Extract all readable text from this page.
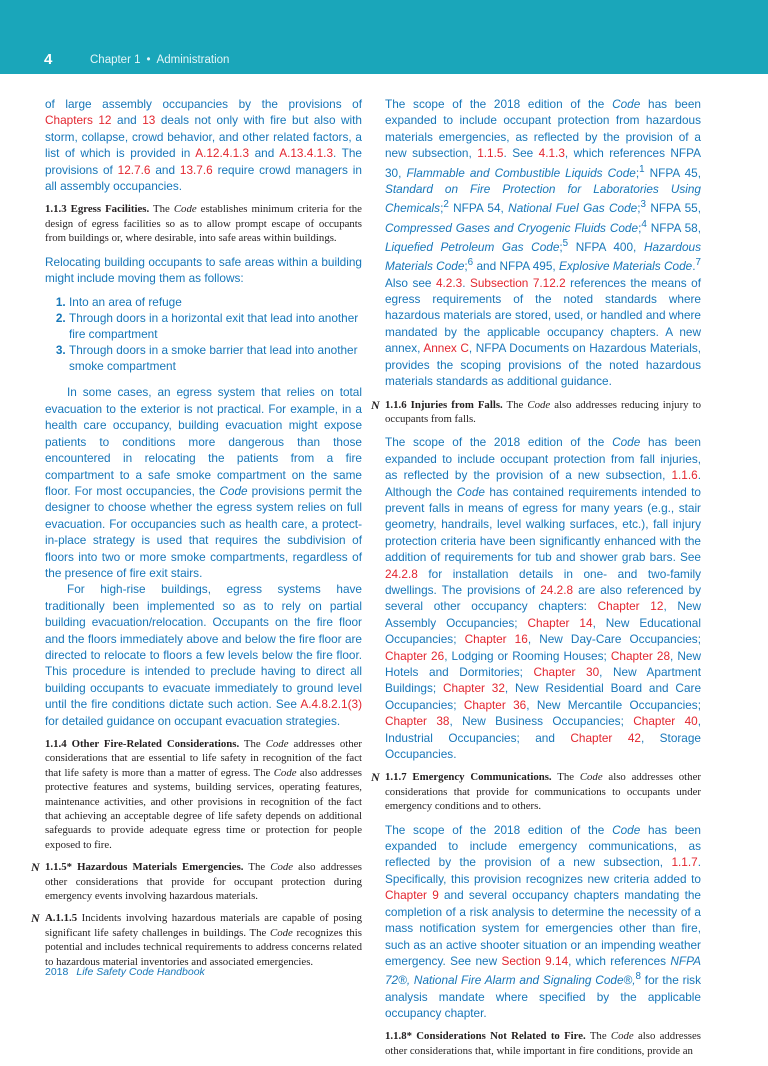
4	Chapter 1 • Administration

of large assembly occupancies by the provisions of Chapters 12 and 13 deals not only with fire but also with storm, collapse, crowd behavior, and other related factors, a list of which is provided in A.12.4.1.3 and A.13.4.1.3. The provisions of 12.7.6 and 13.7.6 require crowd managers in all assembly occupancies.

1.1.3 Egress Facilities. The Code establishes minimum criteria for the design of egress facilities so as to allow prompt escape of occupants from buildings or, where desirable, into safe areas within buildings.

Relocating building occupants to safe areas within a building might include moving them as follows:

1. Into an area of refuge
2. Through doors in a horizontal exit that lead into another fire compartment
3. Through doors in a smoke barrier that lead into another smoke compartment

In some cases, an egress system that relies on total evacuation to the exterior is not practical. For example, in a health care occupancy, building evacuation might expose patients to conditions more dangerous than those encountered in relocating the patients from a fire compartment to a safe smoke compartment on the same floor. For most occupancies, the Code provisions permit the designer to choose whether the egress system relies on full evacuation. For occupancies such as health care, a protect-in-place strategy is used that requires the subdivision of floors into two or more smoke compartments, regardless of the presence of fire exit stairs.

For high-rise buildings, egress systems have traditionally been implemented so as to rely on partial building evacuation/relocation. Occupants on the fire floor and the floors immediately above and below the fire floor are directed to relocate to floors a few levels below the fire floor. This procedure is intended to preclude having to direct all building occupants to evacuate immediately to ground level until the fire conditions dictate such action. See A.4.8.2.1(3) for detailed guidance on occupant evacuation strategies.

1.1.4 Other Fire-Related Considerations. The Code addresses other considerations that are essential to life safety in recognition of the fact that life safety is more than a matter of egress. The Code also addresses protective features and systems, building services, operating features, maintenance activities, and other provisions in recognition of the fact that achieving an acceptable degree of life safety depends on additional safeguards to provide adequate egress time or protection for people exposed to fire.

N 1.1.5* Hazardous Materials Emergencies. The Code also addresses other considerations that provide for occupant protection during emergency events involving hazardous materials.

N A.1.1.5 Incidents involving hazardous materials are capable of posing significant life safety challenges in buildings. The Code recognizes this potential and includes technical requirements to address concerns related to hazardous material inventories and associated emergencies.

The scope of the 2018 edition of the Code has been expanded to include occupant protection from hazardous materials emergencies, as reflected by the provision of a new subsection, 1.1.5. See 4.1.3, which references NFPA 30, Flammable and Combustible Liquids Code;$^1$ NFPA 45, Standard on Fire Protection for Laboratories Using Chemicals;$^2$ NFPA 54, National Fuel Gas Code;$^3$ NFPA 55, Compressed Gases and Cryogenic Fluids Code;$^4$ NFPA 58, Liquefied Petroleum Gas Code;$^5$ NFPA 400, Hazardous Materials Code;$^6$ and NFPA 495, Explosive Materials Code.$^7$ Also see 4.2.3. Subsection 7.12.2 references the means of egress requirements of the noted standards where hazardous materials are stored, used, or handled and where mandated by the applicable occupancy chapters. A new annex, Annex C, NFPA Documents on Hazardous Materials, provides the scoping provisions of the noted hazardous materials standards as additional guidance.

N 1.1.6 Injuries from Falls. The Code also addresses reducing injury to occupants from falls.

The scope of the 2018 edition of the Code has been expanded to include occupant protection from fall injuries, as reflected by the provision of a new subsection, 1.1.6. Although the Code has contained requirements intended to prevent falls in means of egress for many years (e.g., stair geometry, handrails, level walking surfaces, etc.), fall injury protection criteria have been significantly enhanced with the addition of requirements for tub and shower grab bars. See 24.2.8 for installation details in one- and two-family dwellings. The provisions of 24.2.8 are also referenced by several other occupancy chapters: Chapter 12, New Assembly Occupancies; Chapter 14, New Educational Occupancies; Chapter 16, New Day-Care Occupancies; Chapter 26, Lodging or Rooming Houses; Chapter 28, New Hotels and Dormitories; Chapter 30, New Apartment Buildings; Chapter 32, New Residential Board and Care Occupancies; Chapter 36, New Mercantile Occupancies; Chapter 38, New Business Occupancies; Chapter 40, Industrial Occupancies; and Chapter 42, Storage Occupancies.

N 1.1.7 Emergency Communications. The Code also addresses other considerations that provide for communications to occupants under emergency conditions and to others.

The scope of the 2018 edition of the Code has been expanded to include emergency communications, as reflected by the provision of a new subsection, 1.1.7. Specifically, this provision recognizes new criteria added to Chapter 9 and several occupancy chapters mandating the completion of a risk analysis to determine the necessity of a mass notification system for emergencies other than fire, such as an active shooter situation or an impending weather emergency. See new Section 9.14, which references NFPA 72®, National Fire Alarm and Signaling Code®,$^8$ for the risk analysis mandate where specified by the applicable occupancy chapter.

1.1.8* Considerations Not Related to Fire. The Code also addresses other considerations that, while important in fire conditions, provide an

2018 Life Safety Code Handbook
